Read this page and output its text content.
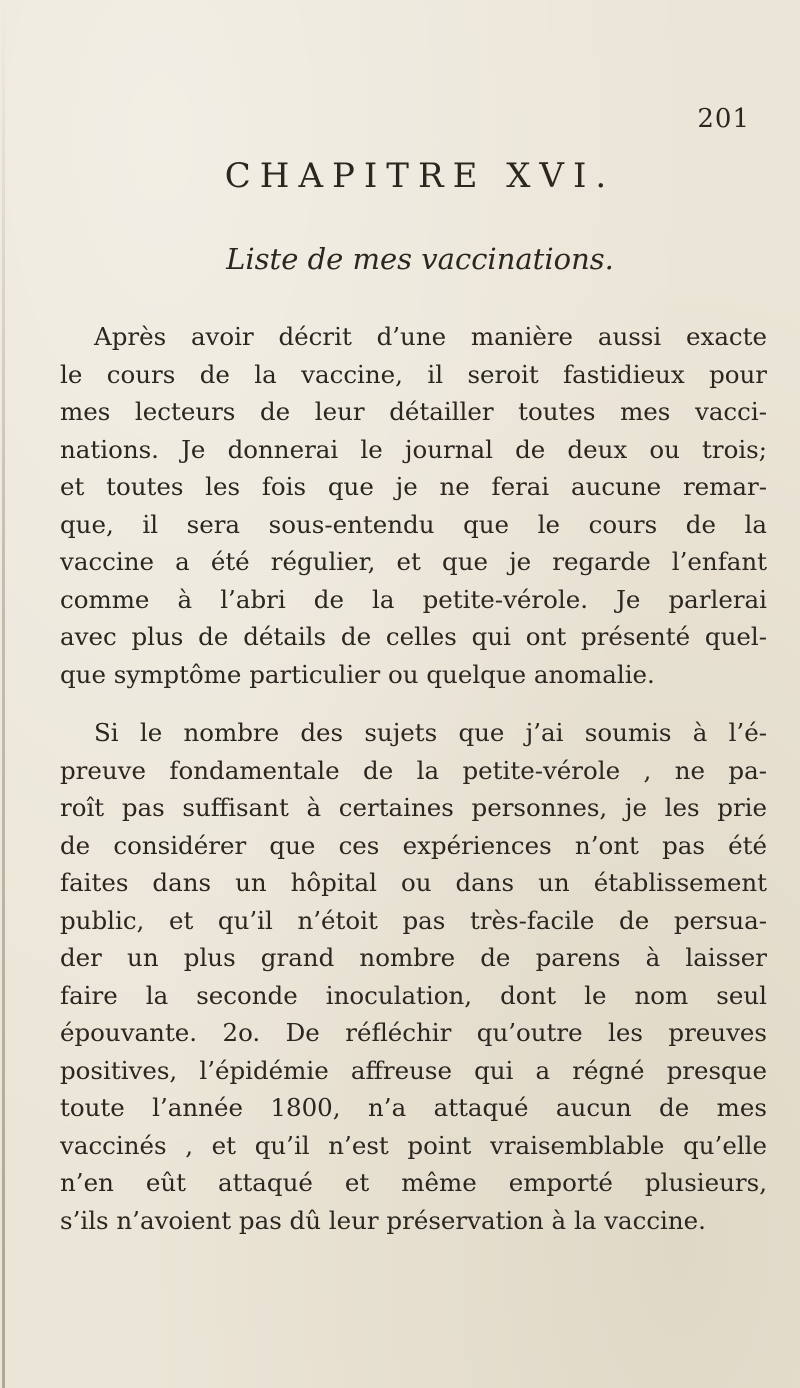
201
CHAPITRE XVI.
Liste de mes vaccinations.
Après avoir décrit d’une manière aussi exacte
le cours de la vaccine, il seroit fastidieux pour
mes lecteurs de leur détailler toutes mes vacci-
nations. Je donnerai le journal de deux ou trois;
et toutes les fois que je ne ferai aucune remar-
que, il sera sous-entendu que le cours de la
vaccine a été régulier, et que je regarde l’enfant
comme à l’abri de la petite-vérole. Je parlerai
avec plus de détails de celles qui ont présenté quel-
que symptôme particulier ou quelque anomalie.
Si le nombre des sujets que j’ai soumis à l’é-
preuve fondamentale de la petite-vérole , ne pa-
roît pas suffisant à certaines personnes, je les prie
de considérer que ces expériences n’ont pas été
faites dans un hôpital ou dans un établissement
public, et qu’il n’étoit pas très-facile de persua-
der un plus grand nombre de parens à laisser
faire la seconde inoculation, dont le nom seul
épouvante. 2o. De réfléchir qu’outre les preuves
positives, l’épidémie affreuse qui a régné presque
toute l’année 1800, n’a attaqué aucun de mes
vaccinés , et qu’il n’est point vraisemblable qu’elle
n’en eût attaqué et même emporté plusieurs,
s’ils n’avoient pas dû leur préservation à la vaccine.
